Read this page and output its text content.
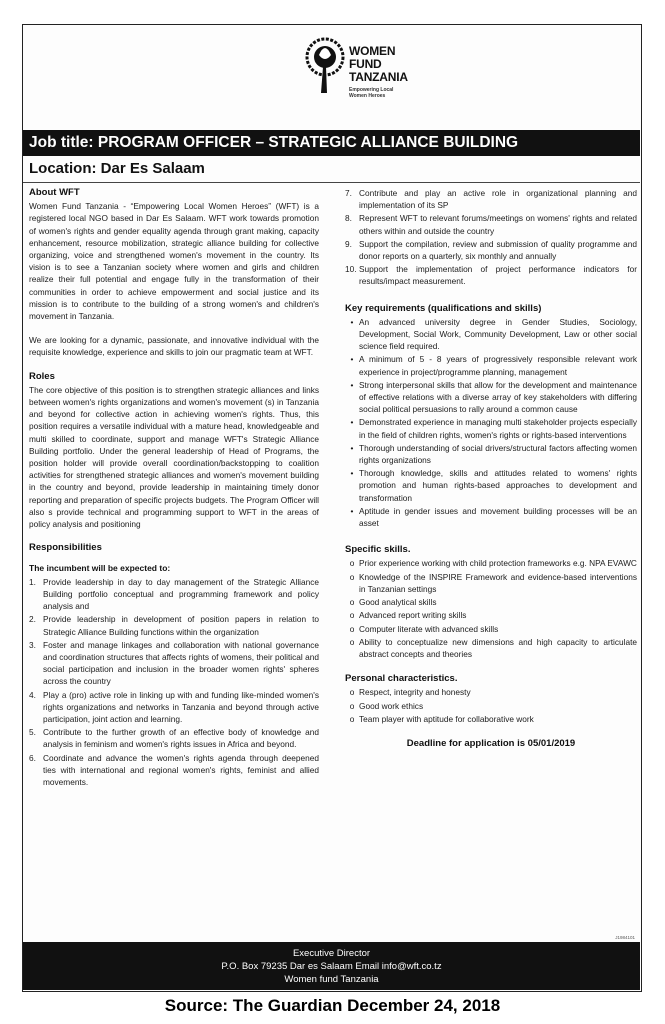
WOMEN
FUND
TANZANIA
Empowering Local
Women Heroes
Job title: PROGRAM OFFICER – STRATEGIC ALLIANCE BUILDING
Location: Dar Es Salaam
About WFT

Women Fund Tanzania - “Empowering Local Women Heroes” (WFT) is a registered local NGO based in Dar Es Salaam. WFT work towards promotion of women's rights and gender equality agenda through grant making, capacity enhancement, resource mobilization, strategic alliance building for collective organizing, voice and strengthened women's movement in the country. Its vision is to see a Tanzanian society where women and girls and children realize their full potential and engage fully in the transformation of their communities in order to achieve empowerment and social justice and its mission is to contribute to the building of a strong women's and children's movement in Tanzania.

We are looking for a dynamic, passionate, and innovative individual with the requisite knowledge, experience and skills to join our pragmatic team at WFT.

Roles

The core objective of this position is to strengthen strategic alliances and links between women's rights organizations and women's movement (s) in Tanzania and beyond for collective action in achieving women's rights. Thus, this position requires a versatile individual with a mature head, knowledgeable and multi skilled to coordinate, support and manage WFT's Strategic Alliance Building portfolio. Under the general leadership of Head of Programs, the position holder will provide overall coordination/backstopping to coalition activities for strengthened strategic alliances and women's movement building in the country and beyond, provide leadership in maintaining timely donor reporting and preparation of specific projects budgets. The Program Officer will also s provide technical and programming support to WFT in the areas of policy analysis and positioning

Responsibilities
The incumbent will be expected to:
1. Provide leadership in day to day management of the Strategic Alliance Building portfolio conceptual and programming framework and policy analysis and
2. Provide leadership in development of position papers in relation to Strategic Alliance Building functions within the organization
3. Foster and manage linkages and collaboration with national governance and coordination structures that affects rights of womens, their political and social participation and inclusion in the broader women rights' spheres across the country
4. Play a (pro) active role in linking up with and funding like-minded women's rights organizations and networks in Tanzania and beyond through active participation, joint action and learning.
5. Contribute to the further growth of an effective body of knowledge and analysis in feminism and women's rights issues in Africa and beyond.
6. Coordinate and advance the women's rights agenda through deepened ties with international and regional women's rights, feminist and allied movements.
7. Contribute and play an active role in organizational planning and implementation of its SP
8. Represent WFT to relevant forums/meetings on womens' rights and related others within and outside the country
9. Support the compilation, review and submission of quality programme and donor reports on a quarterly, six monthly and annually
10. Support the implementation of project performance indicators for results/impact measurement.
Key requirements (qualifications and skills)
• An advanced university degree in Gender Studies, Sociology, Development, Social Work, Community Development, Law or other social science field required.
• A minimum of 5 - 8 years of progressively responsible relevant work experience in project/programme planning, management
• Strong interpersonal skills that allow for the development and maintenance of effective relations with a diverse array of key stakeholders with differing social political persuasions to rally around a common cause
• Demonstrated experience in managing multi stakeholder projects especially in the field of children rights, women's rights or rights-based interventions
• Thorough understanding of social drivers/structural factors affecting women rights organizations
• Thorough knowledge, skills and attitudes related to womens' rights promotion and human rights-based approaches to development and transformation
• Aptitude in gender issues and movement building processes will be an asset
Specific skills.
o Prior experience working with child protection frameworks e.g. NPA EVAWC
o Knowledge of the INSPIRE Framework and evidence-based interventions in Tanzanian settings
o Good analytical skills
o Advanced report writing skills
o Computer literate with advanced skills
o Ability to conceptualize new dimensions and high capacity to articulate abstract concepts and theories
Personal characteristics.
o Respect, integrity and honesty
o Good work ethics
o Team player with aptitude for collaborative work
Deadline for application is 05/01/2019
J1984101
Executive Director
P.O. Box 79235 Dar es Salaam Email info@wft.co.tz
Women fund Tanzania
Source: The Guardian December 24, 2018
